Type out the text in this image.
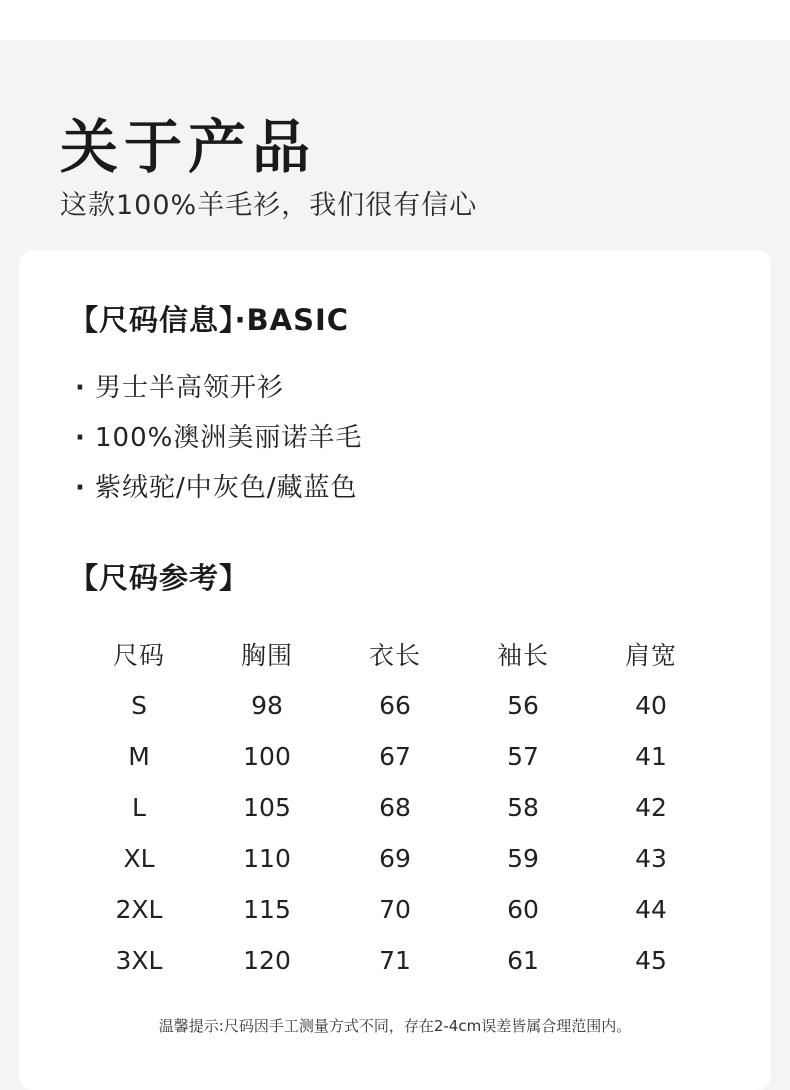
关于产品
这款100%羊毛衫，我们很有信心
【尺码信息】·BASIC
· 男士半高领开衫
· 100%澳洲美丽诺羊毛
· 紫绒驼/中灰色/藏蓝色
【尺码参考】
尺码	胸围	衣长	袖长	肩宽
S	98	66	56	40
M	100	67	57	41
L	105	68	58	42
XL	110	69	59	43
2XL	115	70	60	44
3XL	120	71	61	45
温馨提示:尺码因手工测量方式不同，存在2-4cm误差皆属合理范围内。
